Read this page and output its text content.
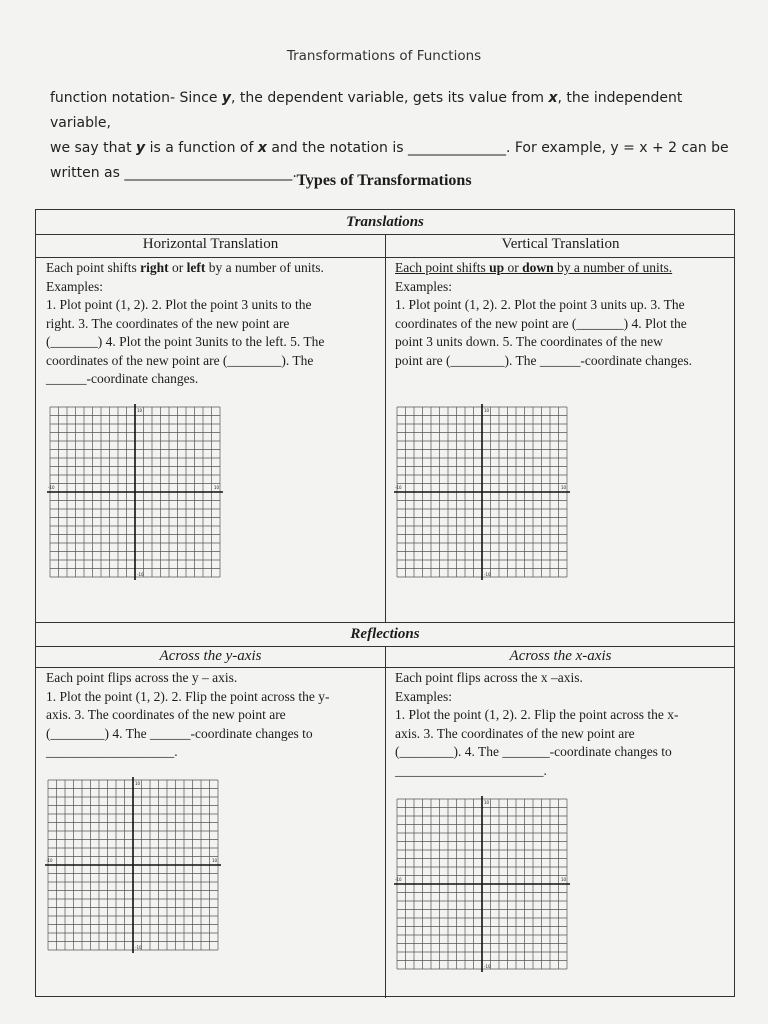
Transformations of Functions
function notation- Since y, the dependent variable, gets its value from x, the independent variable,
we say that y is a function of x and the notation is ______________. For example, y = x + 2 can be
written as ________________________. Types of Transformations
Translations
Horizontal Translation	Vertical Translation
Each point shifts right or left by a number of units.
Examples:
1. Plot point (1, 2). 2. Plot the point 3 units to the
right. 3. The coordinates of the new point are
(_______) 4. Plot the point 3units to the left. 5. The
coordinates of the new point are (________). The
______-coordinate changes.
Each point shifts up or down by a number of units.
Examples:
1. Plot point (1, 2). 2. Plot the point 3 units up. 3. The
coordinates of the new point are (_______) 4. Plot the
point 3 units down. 5. The coordinates of the new
point are (________). The ______-coordinate changes.
10
-10
10
-10
10
-10
10
-10
Reflections
Across the y-axis	Across the x-axis
Each point flips across the y – axis.
1. Plot the point (1, 2). 2. Flip the point across the y-
axis. 3. The coordinates of the new point are
(________) 4. The ______-coordinate changes to
___________________.
Each point flips across the x –axis.
Examples:
1. Plot the point (1, 2). 2. Flip the point across the x-
axis. 3. The coordinates of the new point are
(________). 4. The _______-coordinate changes to
______________________.
10
-10
10
-10
10
-10
10
-10
